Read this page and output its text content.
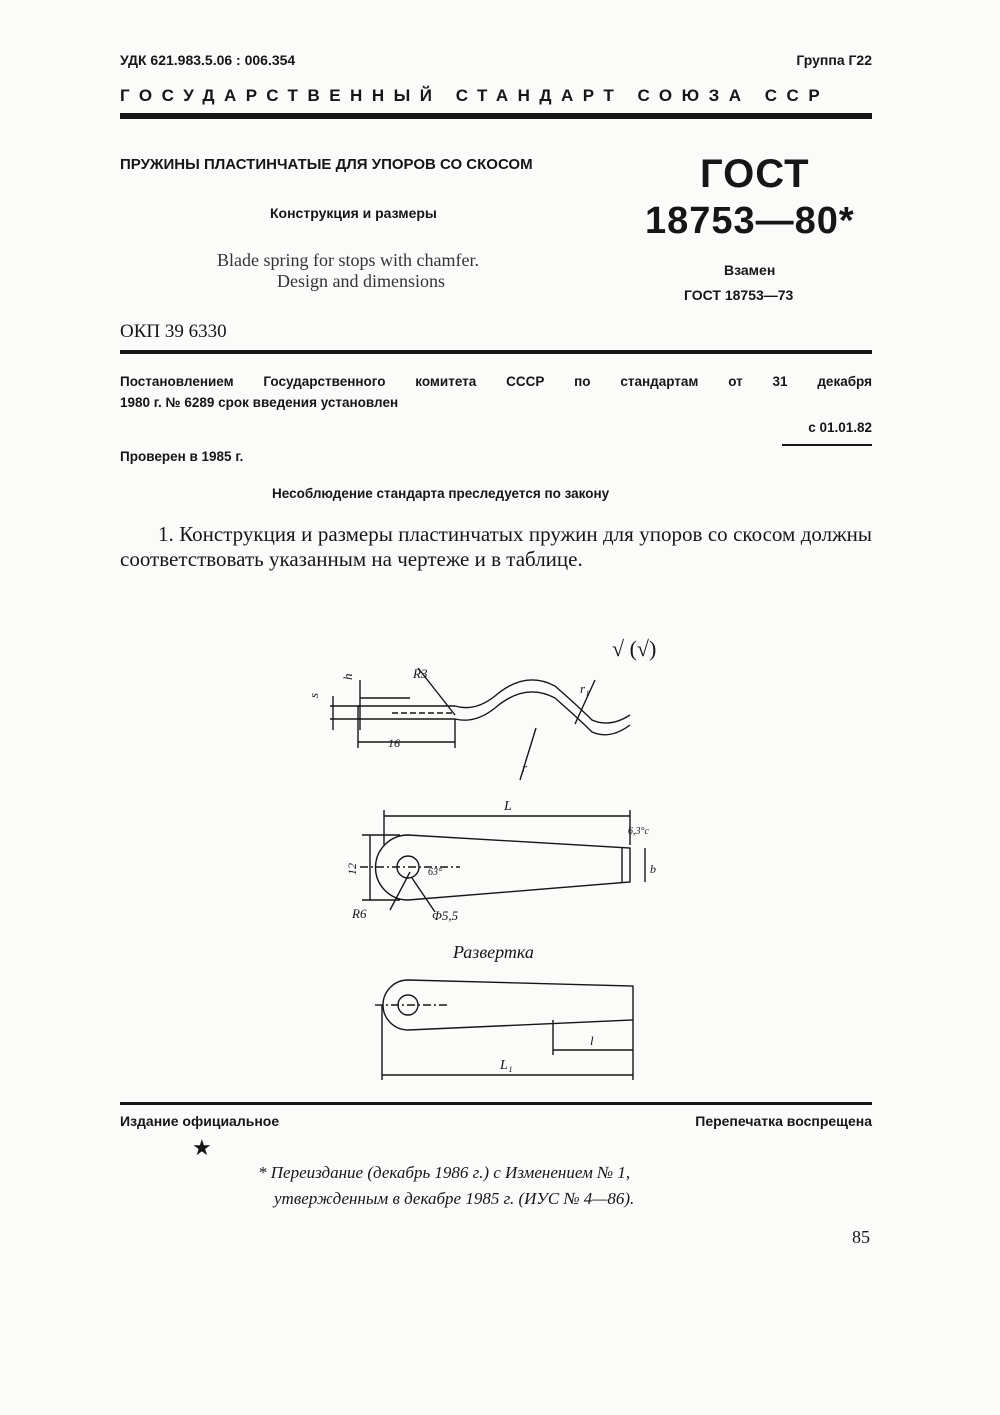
УДК 621.983.5.06 : 006.354	Группа Г22
ГОСУДАРСТВЕННЫЙ СТАНДАРТ СОЮЗА ССР
ПРУЖИНЫ ПЛАСТИНЧАТЫЕ ДЛЯ УПОРОВ СО СКОСОМ
Конструкция и размеры
Blade spring for stops with chamfer.
Design and dimensions
ГОСТ
18753—80*
Взамен
ГОСТ 18753—73
ОКП 39 6330
Постановлением Государственного комитета СССР по стандартам от 31 декабря
1980 г. № 6289 срок введения установлен
с 01.01.82
Проверен в 1985 г.
Несоблюдение стандарта преследуется по закону
1. Конструкция и размеры пластинчатых пружин для упоров со скосом должны соответствовать указанным на чертеже и в таблице.
s
h	R3
16
r
r₁
√ (√)
L
12	b
63°
6,3°c
R6	Φ5,5
Развертка
L₁
l
Издание официальное	Перепечатка воспрещена
★
* Переиздание (декабрь 1986 г.) с Изменением № 1,
утвержденным в декабре 1985 г. (ИУС № 4—86).
85
